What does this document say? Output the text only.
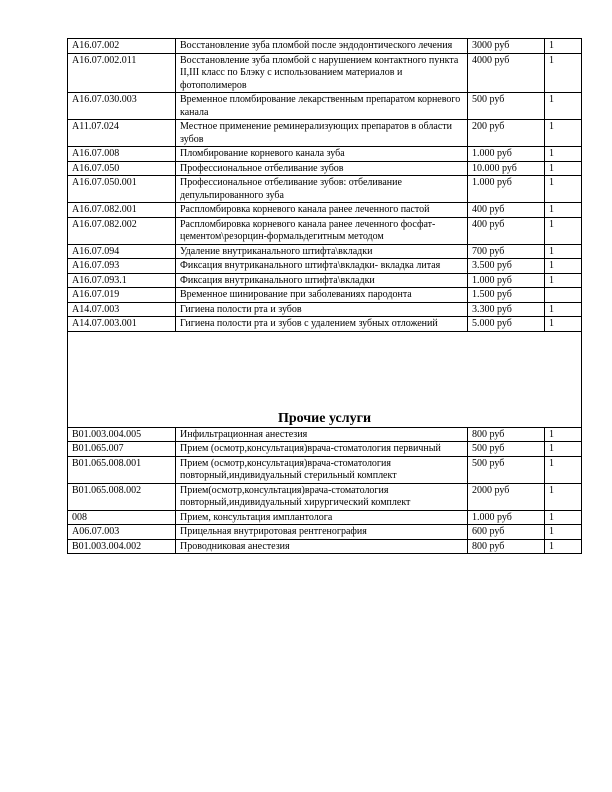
A16.07.002	Восстановление зуба пломбой после эндодонтического лечения	3000 руб	1
A16.07.002.011	Восстановление зуба пломбой с нарушением контактного пункта II,III класс по Блэку с использованием материалов и фотополимеров	4000 руб	1
A16.07.030.003	Временное пломбирование лекарственным препаратом корневого канала	500 руб	1
A11.07.024	Местное применение реминерализующих препаратов в области зубов	200 руб	1
A16.07.008	Пломбирование корневого канала зуба	1.000 руб	1
A16.07.050	Профессиональное отбеливание зубов	10.000 руб	1
A16.07.050.001	Профессиональное отбеливание зубов: отбеливание депульпированного зуба	1.000 руб	1
A16.07.082.001	Распломбировка корневого канала ранее леченного пастой	400 руб	1
A16.07.082.002	Распломбировка корневого канала ранее леченного фосфат-цементом\резорцин-формальдегитным методом	400 руб	1
A16.07.094	Удаление внутриканального штифта\вкладки	700 руб	1
A16.07.093	Фиксация внутриканального штифта\вкладки- вкладка литая	3.500 руб	1
A16.07.093.1	Фиксация внутриканального штифта\вкладки	1.000 руб	1
A16.07.019	Временное шинирование при заболеваниях пародонта	1.500 руб	
A14.07.003	Гигиена полости рта и зубов	3.300 руб	1
A14.07.003.001	Гигиена полости рта и зубов с удалением зубных отложений	5.000 руб	1

Прочие услуги			
B01.003.004.005	Инфильтрационная анестезия	800 руб	1
B01.065.007	Прием (осмотр,консультация)врача-стоматология первичный	500 руб	1
B01.065.008.001	Прием (осмотр,консультация)врача-стоматология повторный,индивидуальный стерильный комплект	500 руб	1
B01.065.008.002	Прием(осмотр,консультация)врача-стоматология повторный,индивидуальный хирургический комплект	2000 руб	1
008	Прием, консультация имплантолога	1.000 руб	1
A06.07.003	Прицельная внутриротовая рентгенография	600 руб	1
B01.003.004.002	Проводниковая анестезия	800 руб	1
